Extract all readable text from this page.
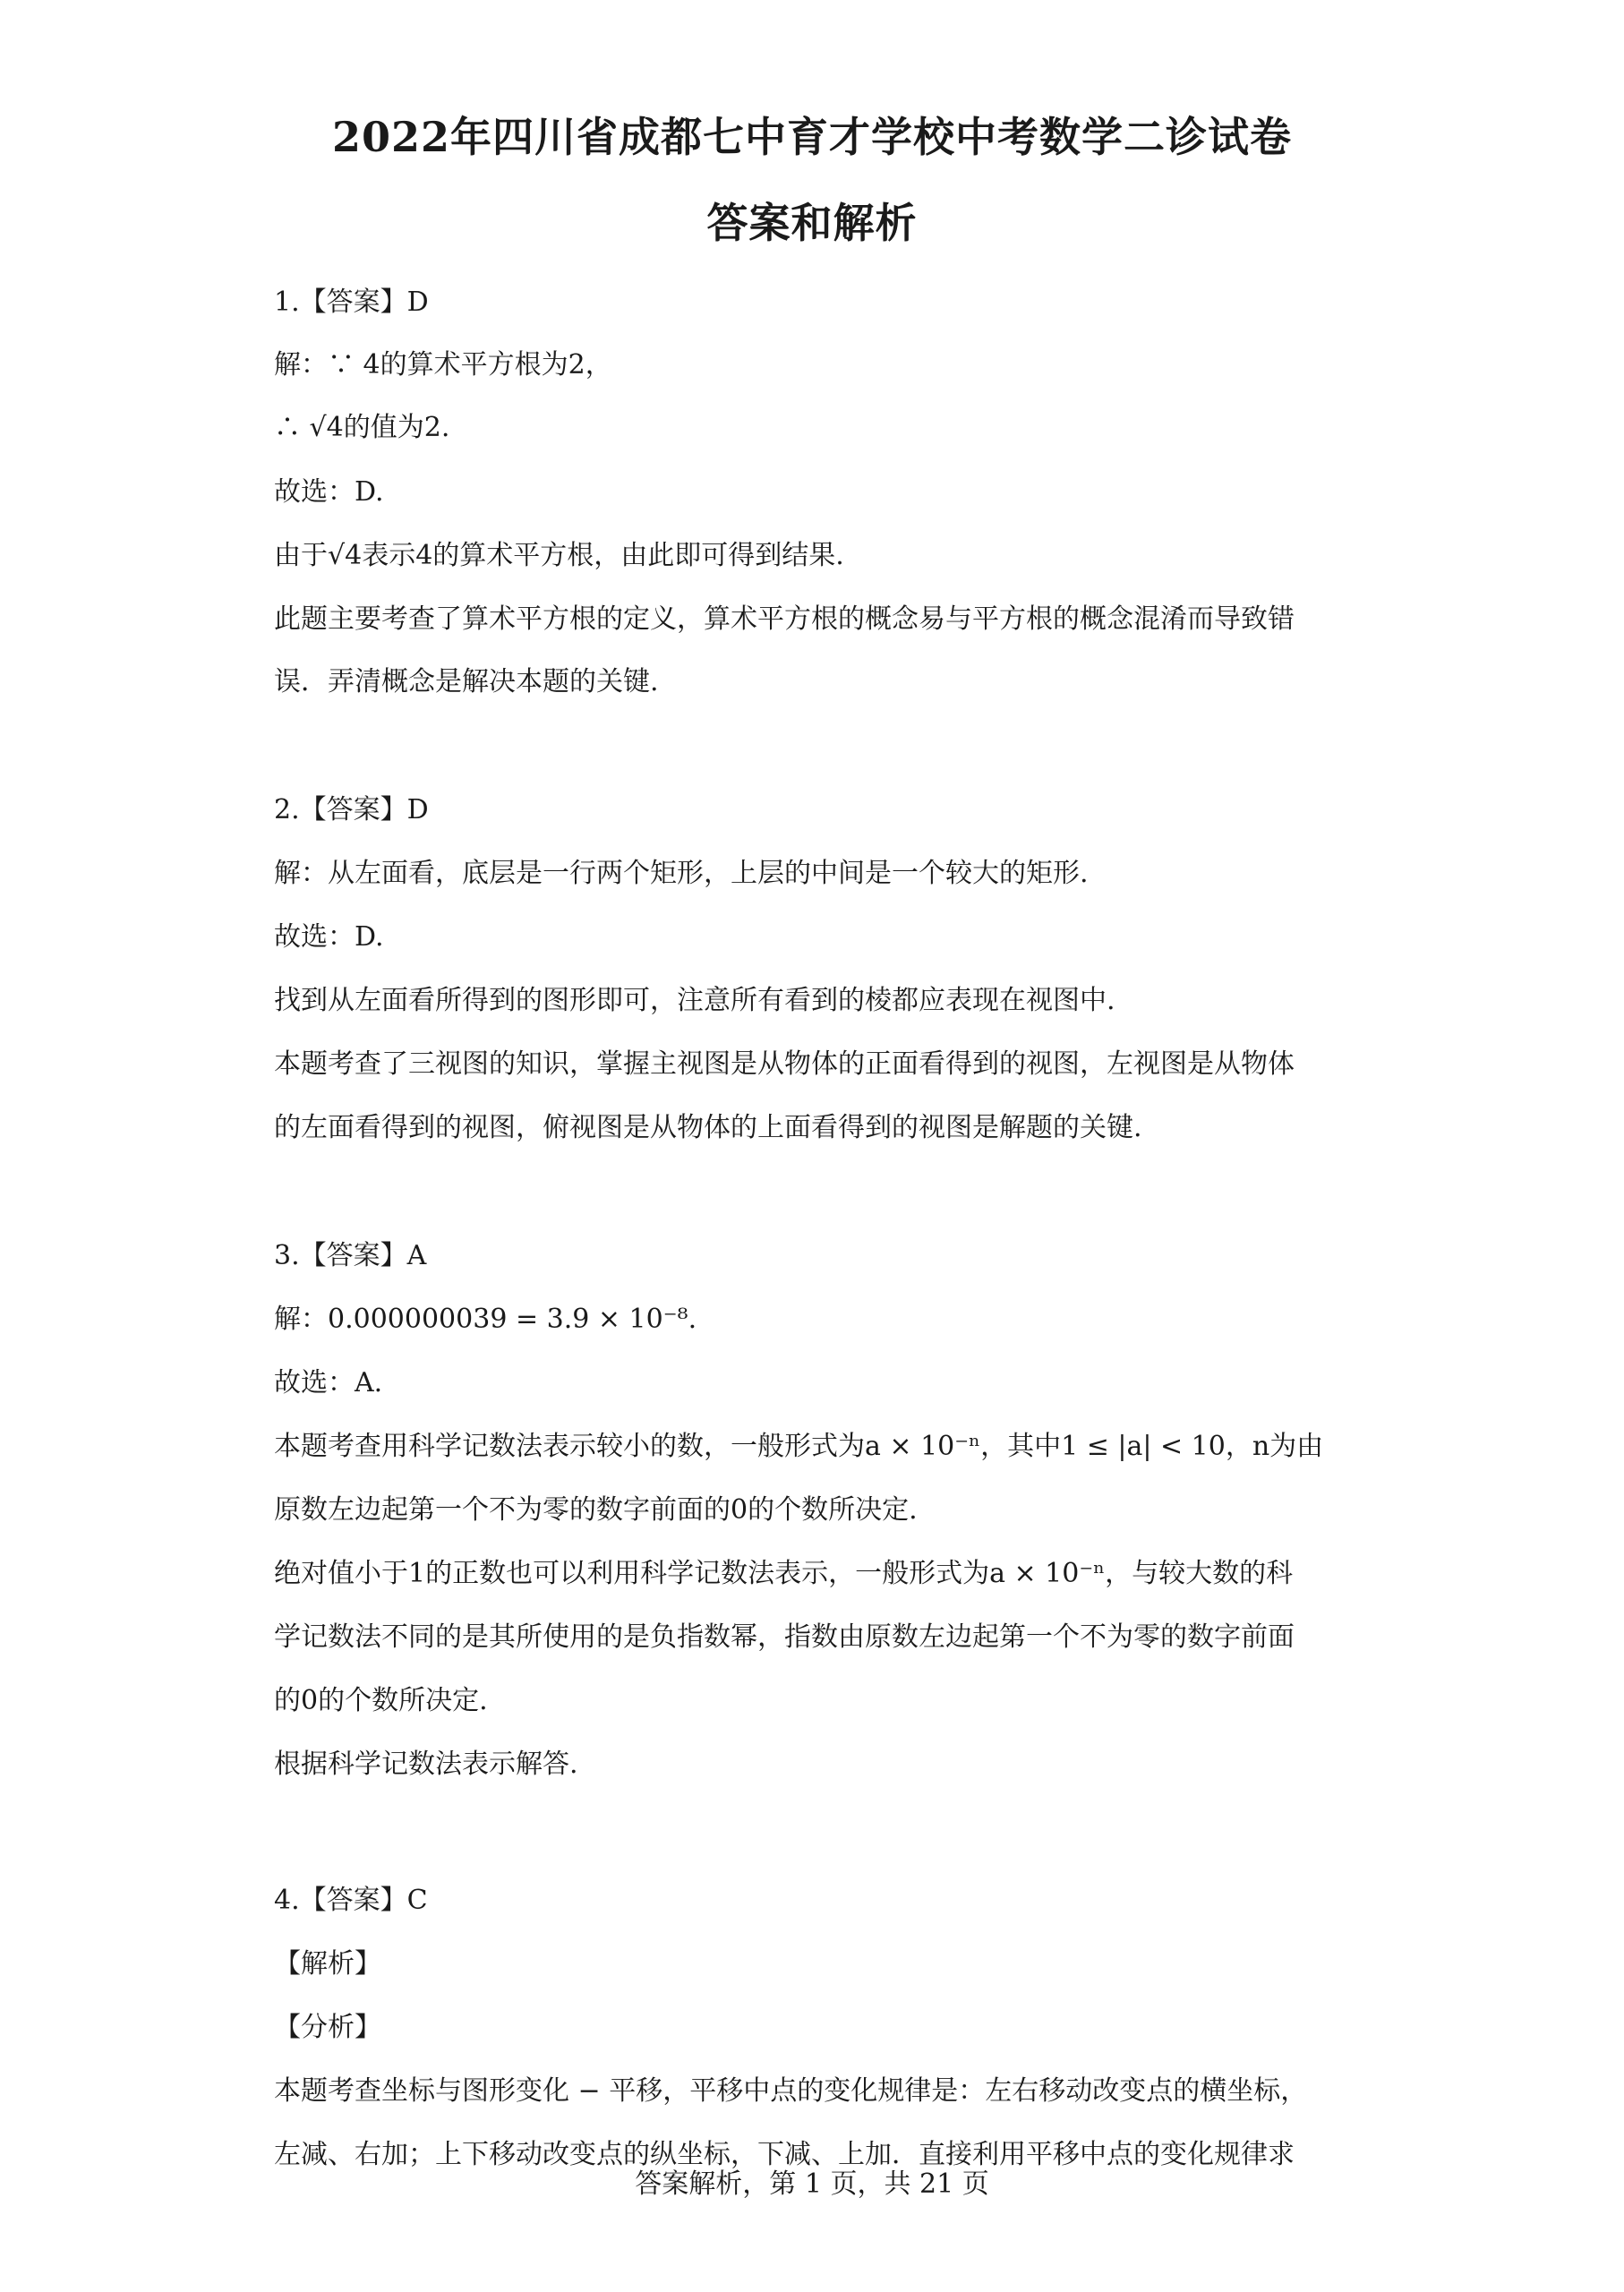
2022年四川省成都七中育才学校中考数学二诊试卷
答案和解析
1.【答案】D
解：∵ 4的算术平方根为2，
∴ √4的值为2.
故选：D.
由于√4表示4的算术平方根，由此即可得到结果.
此题主要考查了算术平方根的定义，算术平方根的概念易与平方根的概念混淆而导致错
误．弄清概念是解决本题的关键.
2.【答案】D
解：从左面看，底层是一行两个矩形，上层的中间是一个较大的矩形.
故选：D.
找到从左面看所得到的图形即可，注意所有看到的棱都应表现在视图中.
本题考查了三视图的知识，掌握主视图是从物体的正面看得到的视图，左视图是从物体
的左面看得到的视图，俯视图是从物体的上面看得到的视图是解题的关键.
3.【答案】A
解：0.000000039 = 3.9 × 10⁻⁸.
故选：A.
本题考查用科学记数法表示较小的数，一般形式为a × 10⁻ⁿ，其中1 ≤ |a| < 10，n为由
原数左边起第一个不为零的数字前面的0的个数所决定.
绝对值小于1的正数也可以利用科学记数法表示，一般形式为a × 10⁻ⁿ，与较大数的科
学记数法不同的是其所使用的是负指数幂，指数由原数左边起第一个不为零的数字前面
的0的个数所决定.
根据科学记数法表示解答.
4.【答案】C
【解析】
【分析】
本题考查坐标与图形变化 − 平移，平移中点的变化规律是：左右移动改变点的横坐标，
左减、右加；上下移动改变点的纵坐标，下减、上加．直接利用平移中点的变化规律求
答案解析，第 1 页，共 21 页
